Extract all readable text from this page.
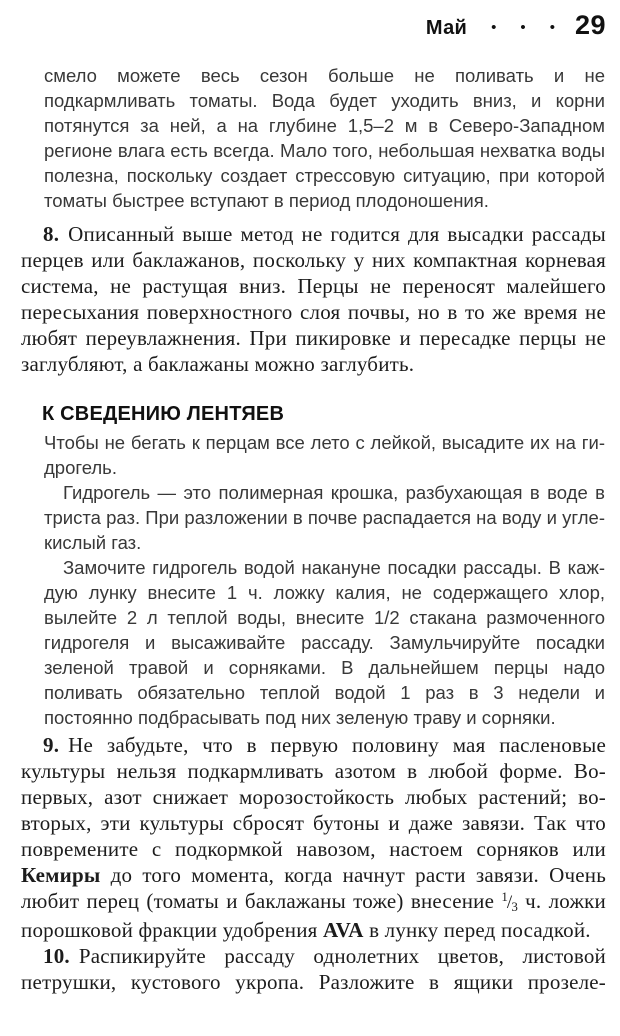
Май • • • 29

смело можете весь сезон больше не поливать и не подкармливать томаты. Вода будет уходить вниз, и корни потянутся за ней, а на глубине 1,5–2 м в Северо-Западном регионе влага есть всегда. Мало того, небольшая нехватка воды полезна, поскольку создает стрессовую ситуацию, при которой томаты быстрее вступают в период плодоношения.

8. Описанный выше метод не годится для высадки рассады перцев или баклажанов, поскольку у них компактная корневая система, не растущая вниз. Перцы не переносят малейшего пересыхания поверхностного слоя почвы, но в то же время не любят переувлажнения. При пикировке и пересадке перцы не заглубляют, а баклажаны можно заглубить.

К СВЕДЕНИЮ ЛЕНТЯЕВ

Чтобы не бегать к перцам все лето с лейкой, высадите их на гидрогель.

Гидрогель — это полимерная крошка, разбухающая в воде в триста раз. При разложении в почве распадается на воду и углекислый газ.

Замочите гидрогель водой накануне посадки рассады. В каждую лунку внесите 1 ч. ложку калия, не содержащего хлор, вылейте 2 л теплой воды, внесите 1/2 стакана размоченного гидрогеля и высаживайте рассаду. Замульчируйте посадки зеленой травой и сорняками. В дальнейшем перцы надо поливать обязательно теплой водой 1 раз в 3 недели и постоянно подбрасывать под них зеленую траву и сорняки.

9. Не забудьте, что в первую половину мая пасленовые культуры нельзя подкармливать азотом в любой форме. Во-первых, азот снижает морозостойкость любых растений; во-вторых, эти культуры сбросят бутоны и даже завязи. Так что повремените с подкормкой навозом, настоем сорняков или Кемиры до того момента, когда начнут расти завязи. Очень любит перец (томаты и баклажаны тоже) внесение $^1$/3 ч. ложки порошковой фракции удобрения AVA в лунку перед посадкой.

10. Распикируйте рассаду однолетних цветов, листовой петрушки, кустового укропа. Разложите в ящики прозеле-
